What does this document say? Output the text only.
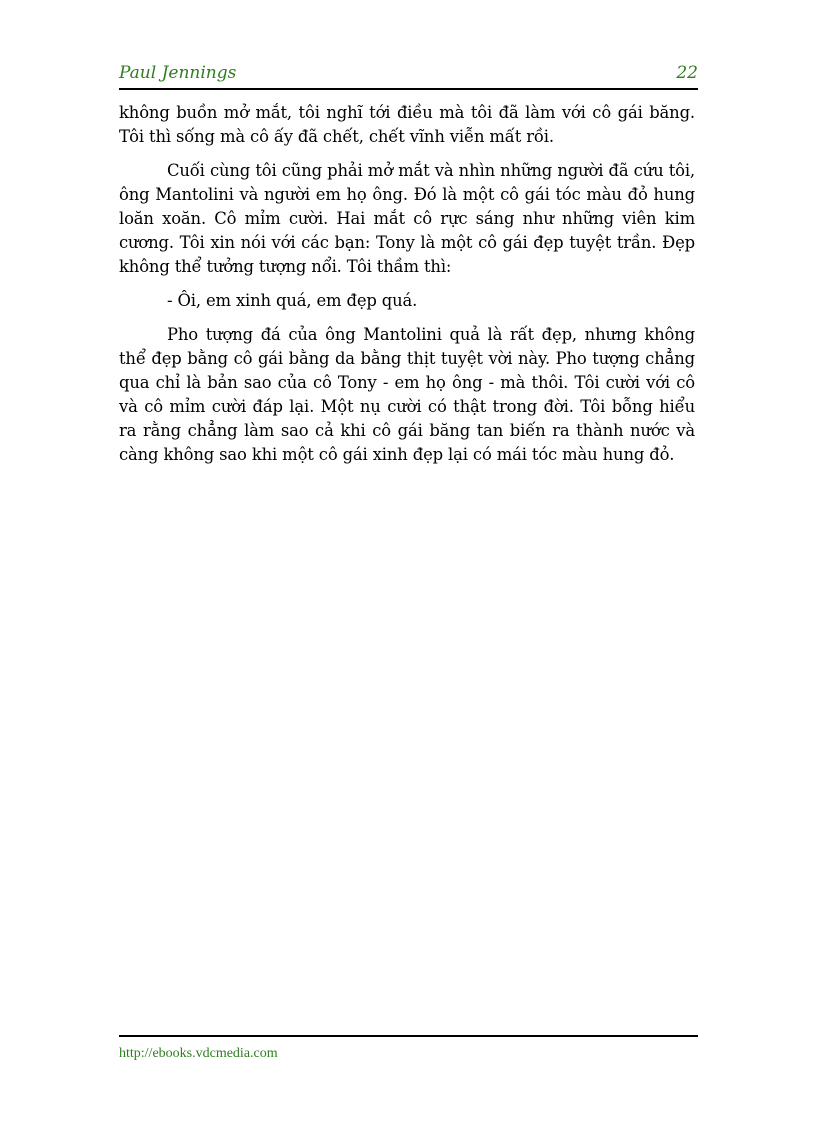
Paul Jennings	22

không buồn mở mắt, tôi nghĩ tới điều mà tôi đã làm với cô gái băng. Tôi thì sống mà cô ấy đã chết, chết vĩnh viễn mất rồi.

Cuối cùng tôi cũng phải mở mắt và nhìn những người đã cứu tôi, ông Mantolini và người em họ ông. Đó là một cô gái tóc màu đỏ hung loăn xoăn. Cô mỉm cười. Hai mắt cô rực sáng như những viên kim cương. Tôi xin nói với các bạn: Tony là một cô gái đẹp tuyệt trần. Đẹp không thể tưởng tượng nổi. Tôi thầm thì:

- Ôi, em xinh quá, em đẹp quá.

Pho tượng đá của ông Mantolini quả là rất đẹp, nhưng không thể đẹp bằng cô gái bằng da bằng thịt tuyệt vời này. Pho tượng chẳng qua chỉ là bản sao của cô Tony - em họ ông - mà thôi. Tôi cười với cô và cô mỉm cười đáp lại. Một nụ cười có thật trong đời. Tôi bỗng hiểu ra rằng chẳng làm sao cả khi cô gái băng tan biến ra thành nước và càng không sao khi một cô gái xinh đẹp lại có mái tóc màu hung đỏ.

http://ebooks.vdcmedia.com
